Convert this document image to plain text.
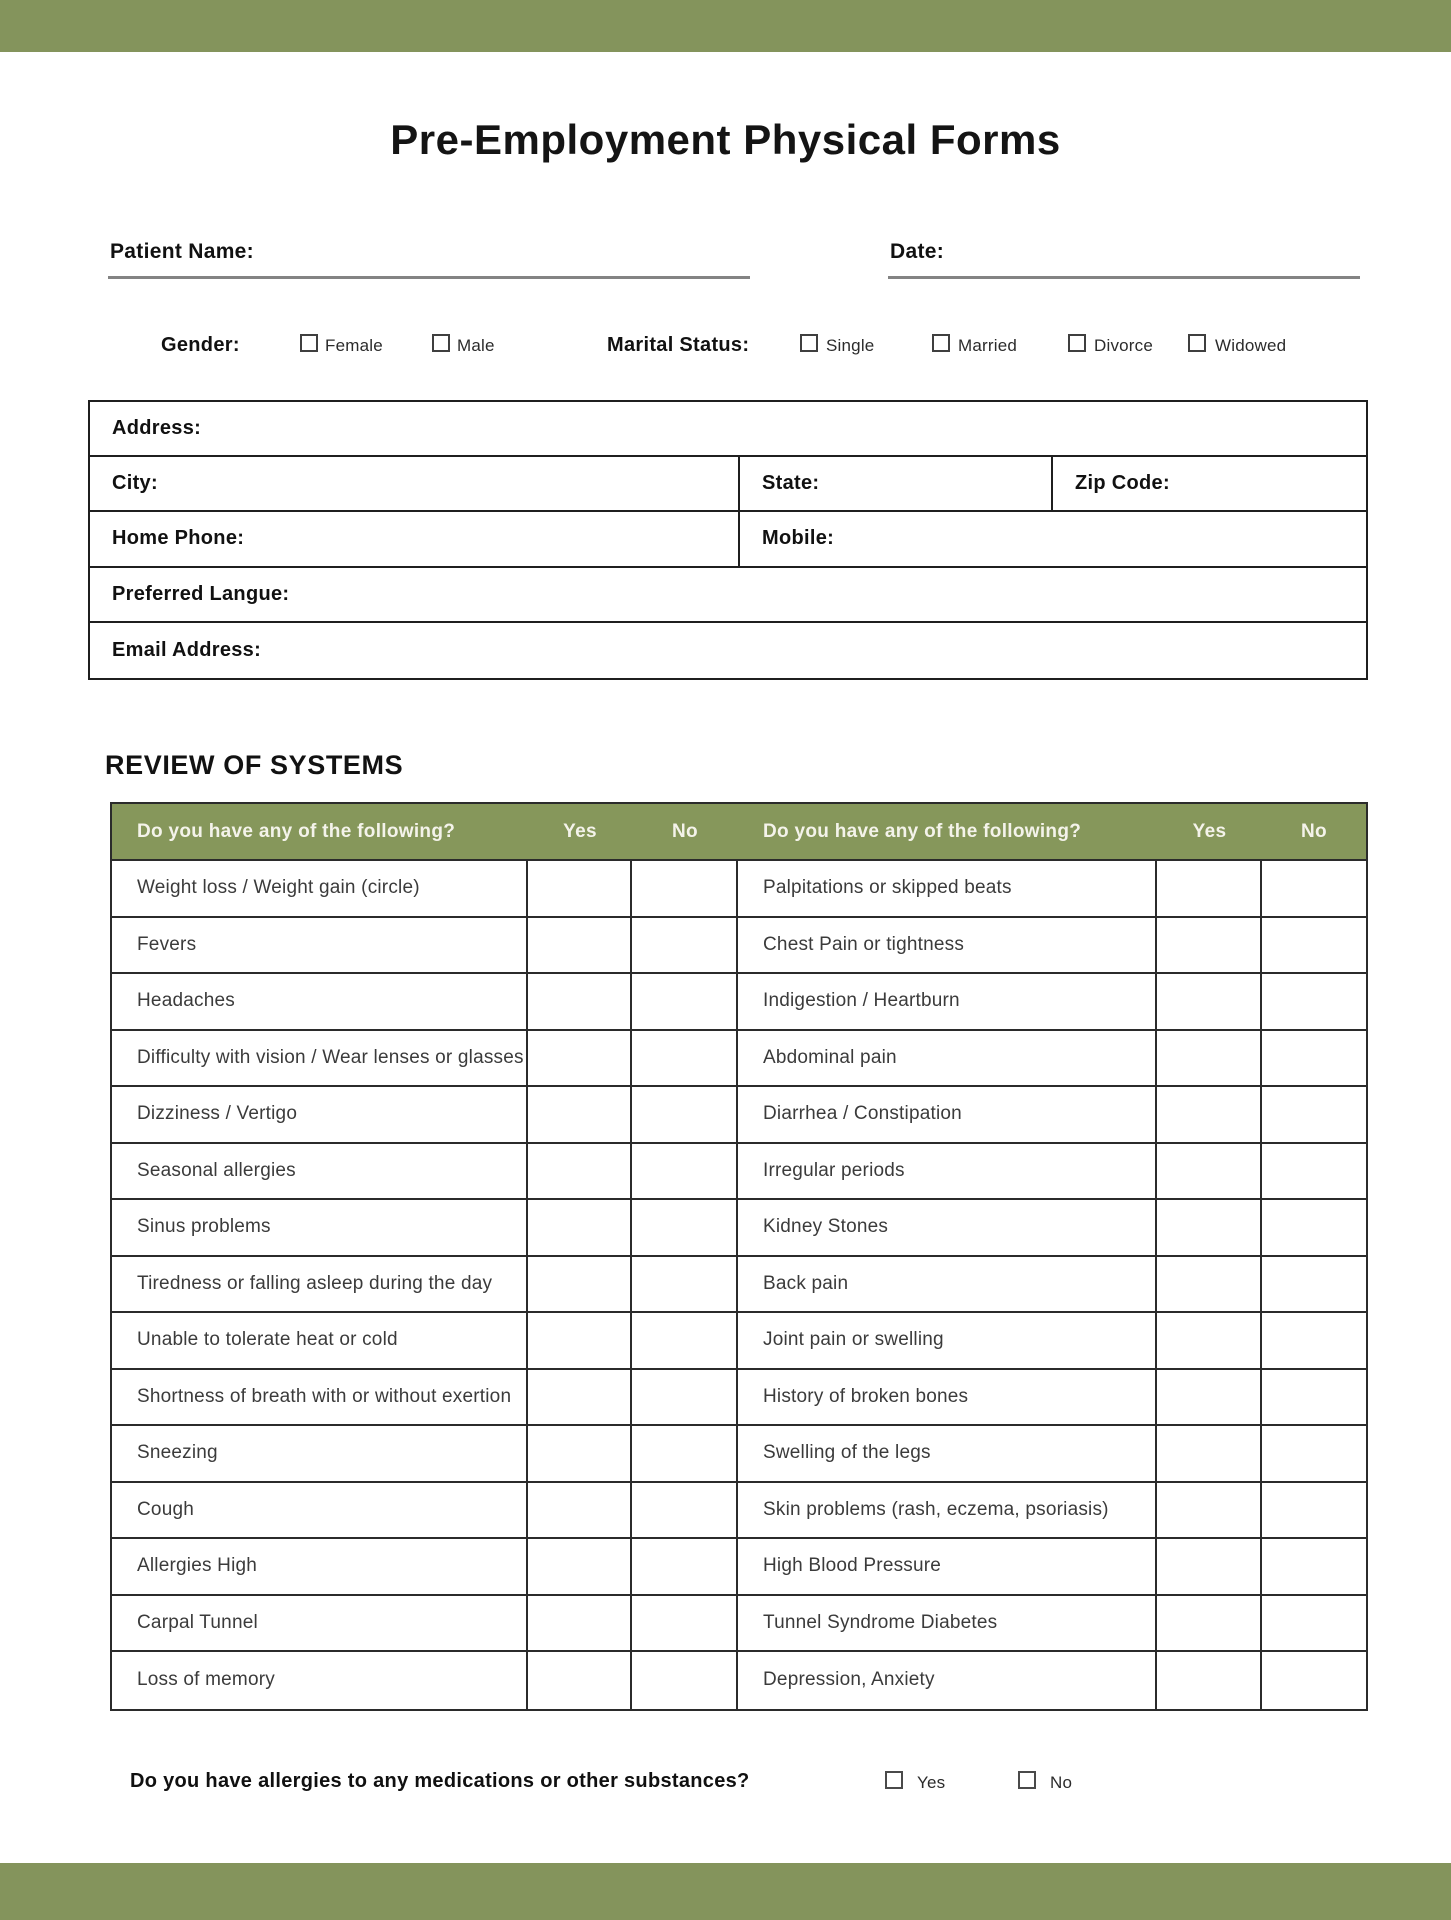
Pre-Employment Physical Forms
Patient Name:	Date:
Gender:	Female	Male	Marital Status:	Single	Married	Divorce	Widowed
Address:
City:	State:	Zip Code:
Home Phone:	Mobile:
Preferred Langue:
Email Address:
REVIEW OF SYSTEMS
Do you have any of the following?	Yes	No	Do you have any of the following?	Yes	No
Weight loss / Weight gain (circle)	Palpitations or skipped beats
Fevers	Chest Pain or tightness
Headaches	Indigestion / Heartburn
Difficulty with vision / Wear lenses or glasses	Abdominal pain
Dizziness / Vertigo	Diarrhea / Constipation
Seasonal allergies	Irregular periods
Sinus problems	Kidney Stones
Tiredness or falling asleep during the day	Back pain
Unable to tolerate heat or cold	Joint pain or swelling
Shortness of breath with or without exertion	History of broken bones
Sneezing	Swelling of the legs
Cough	Skin problems (rash, eczema, psoriasis)
Allergies High	High Blood Pressure
Carpal Tunnel	Tunnel Syndrome Diabetes
Loss of memory	Depression, Anxiety
Do you have allergies to any medications or other substances?	Yes	No
